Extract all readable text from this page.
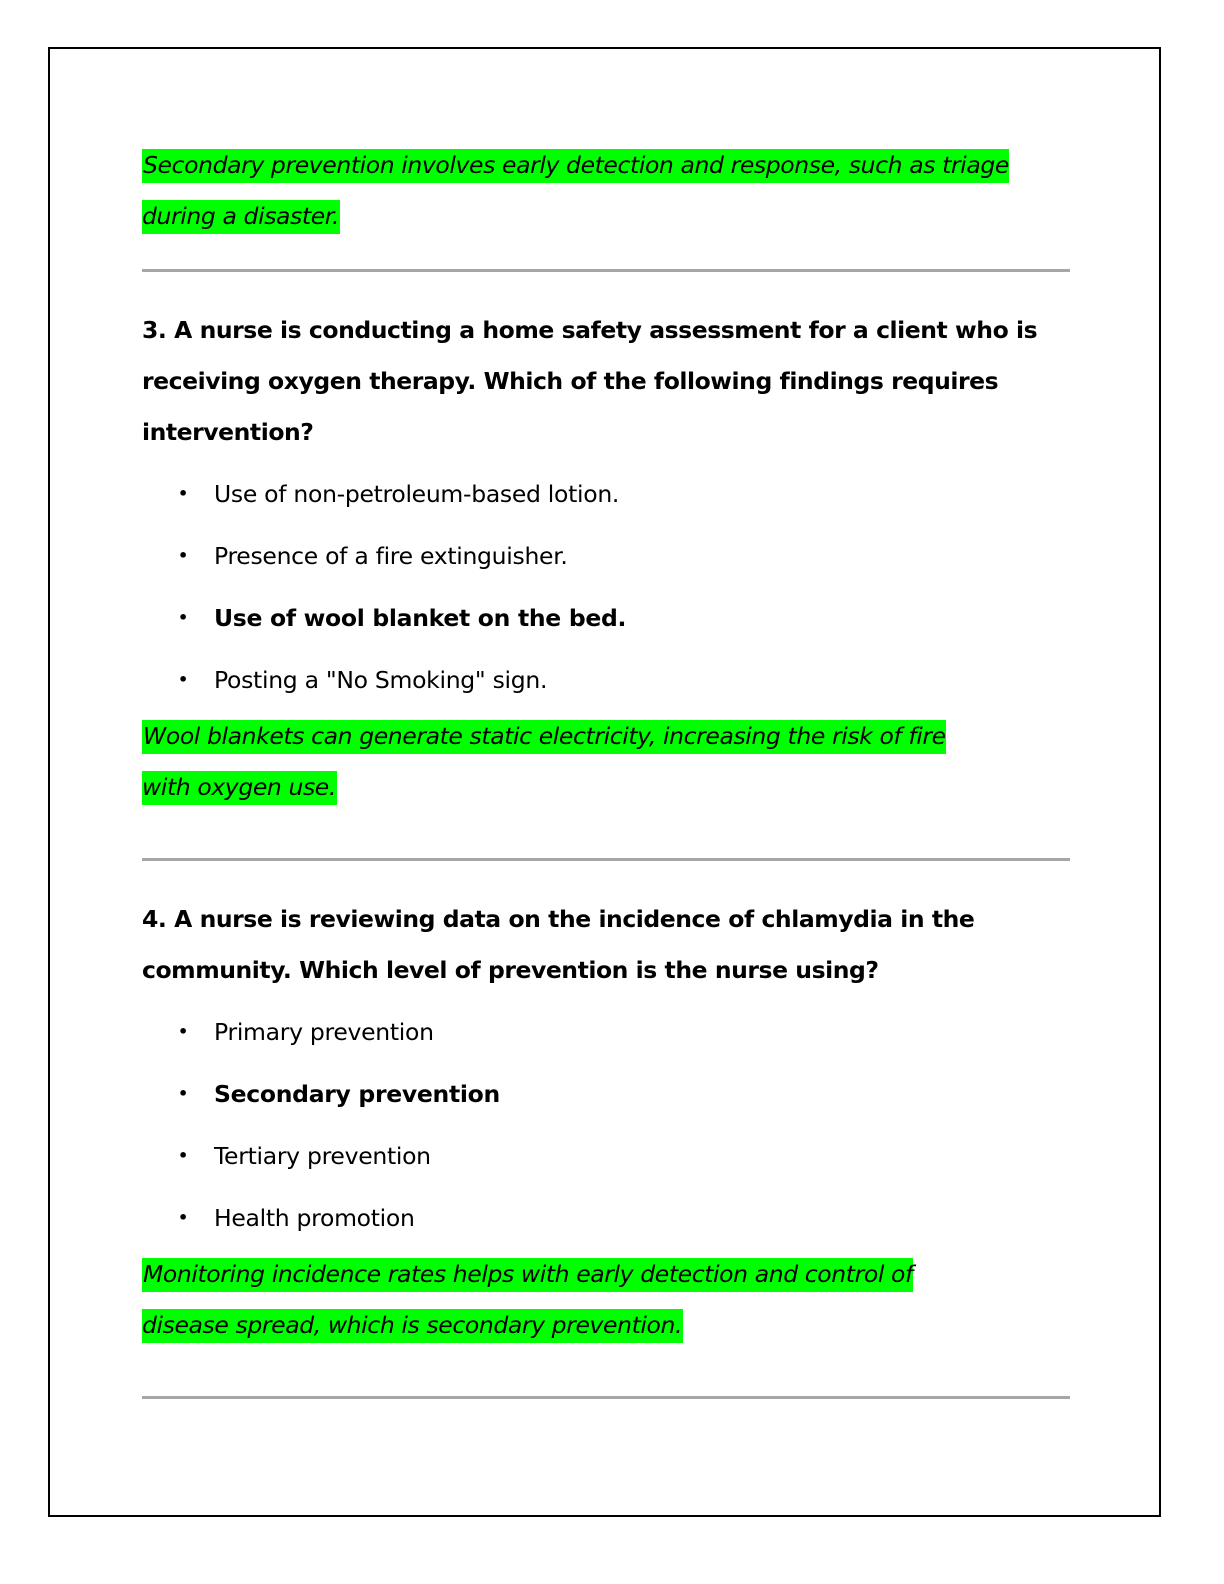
Secondary prevention involves early detection and response, such as triage during a disaster.

3. A nurse is conducting a home safety assessment for a client who is receiving oxygen therapy. Which of the following findings requires intervention?

• Use of non-petroleum-based lotion.
• Presence of a fire extinguisher.
• Use of wool blanket on the bed.
• Posting a "No Smoking" sign.

Wool blankets can generate static electricity, increasing the risk of fire with oxygen use.

4. A nurse is reviewing data on the incidence of chlamydia in the community. Which level of prevention is the nurse using?

• Primary prevention
• Secondary prevention
• Tertiary prevention
• Health promotion

Monitoring incidence rates helps with early detection and control of disease spread, which is secondary prevention.
